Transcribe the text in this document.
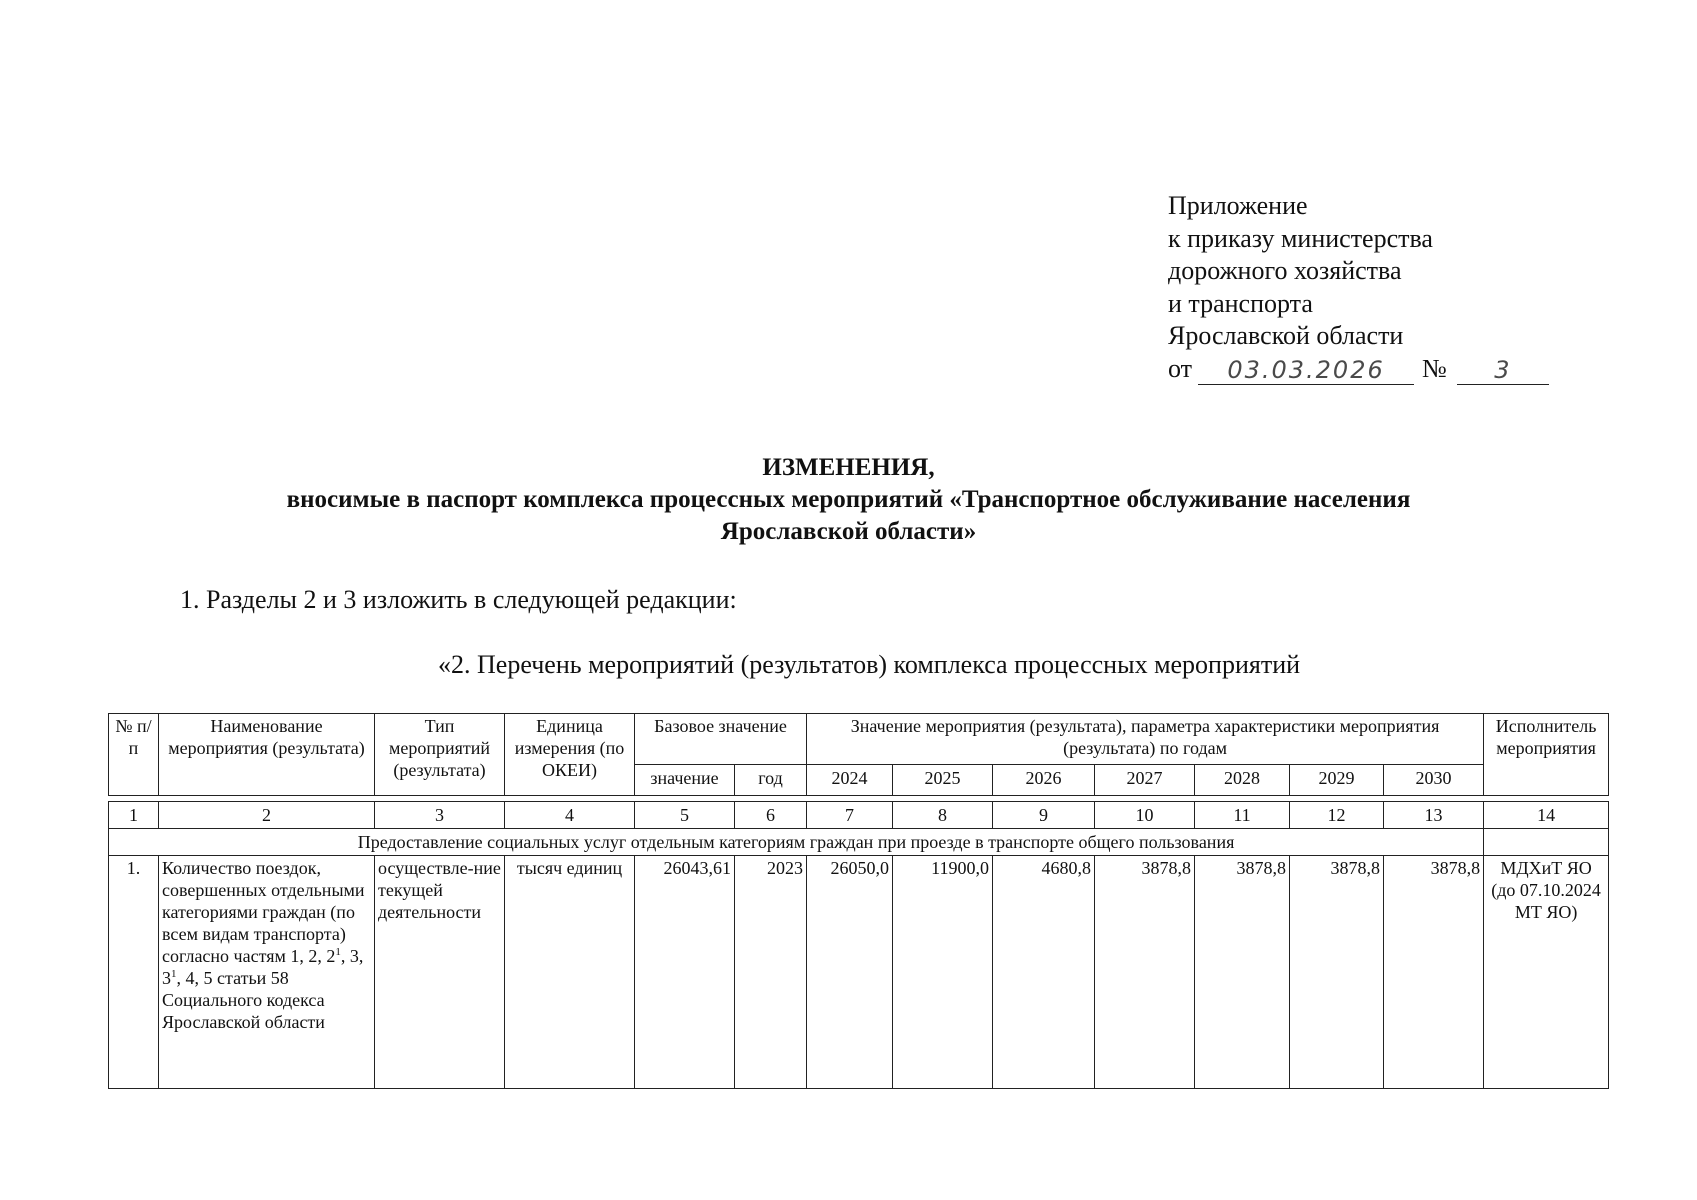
Приложение
к приказу министерства
дорожного хозяйства
и транспорта
Ярославской области
от	03.03.2026	№	3
ИЗМЕНЕНИЯ,
вносимые в паспорт комплекса процессных мероприятий «Транспортное обслуживание населения
Ярославской области»
1. Разделы 2 и 3 изложить в следующей редакции:
«2. Перечень мероприятий (результатов) комплекса процессных мероприятий
№ п/п	Наименование мероприятия (результата)	Тип мероприятий (результата)	Единица измерения (по ОКЕИ)	Базовое значение		Значение мероприятия (результата), параметра характеристики мероприятия (результата) по годам							Исполнитель мероприятия
				значение	год	2024	2025	2026	2027	2028	2029	2030	

1	2	3	4	5	6	7	8	9	10	11	12	13	14
Предоставление социальных услуг отдельным категориям граждан при проезде в транспорте общего пользования													
1.	Количество поездок, совершенных отдельными категориями граждан (по всем видам транспорта) согласно частям 1, 2, $2^1$, 3, $3^1$, 4, 5 статьи 58 Социального кодекса Ярославской области	осуществле-ние текущей деятельности	тысяч единиц	26043,61	2023	26050,0	11900,0	4680,8	3878,8	3878,8	3878,8	3878,8	МДХиТ ЯО (до 07.10.2024 МТ ЯО)
